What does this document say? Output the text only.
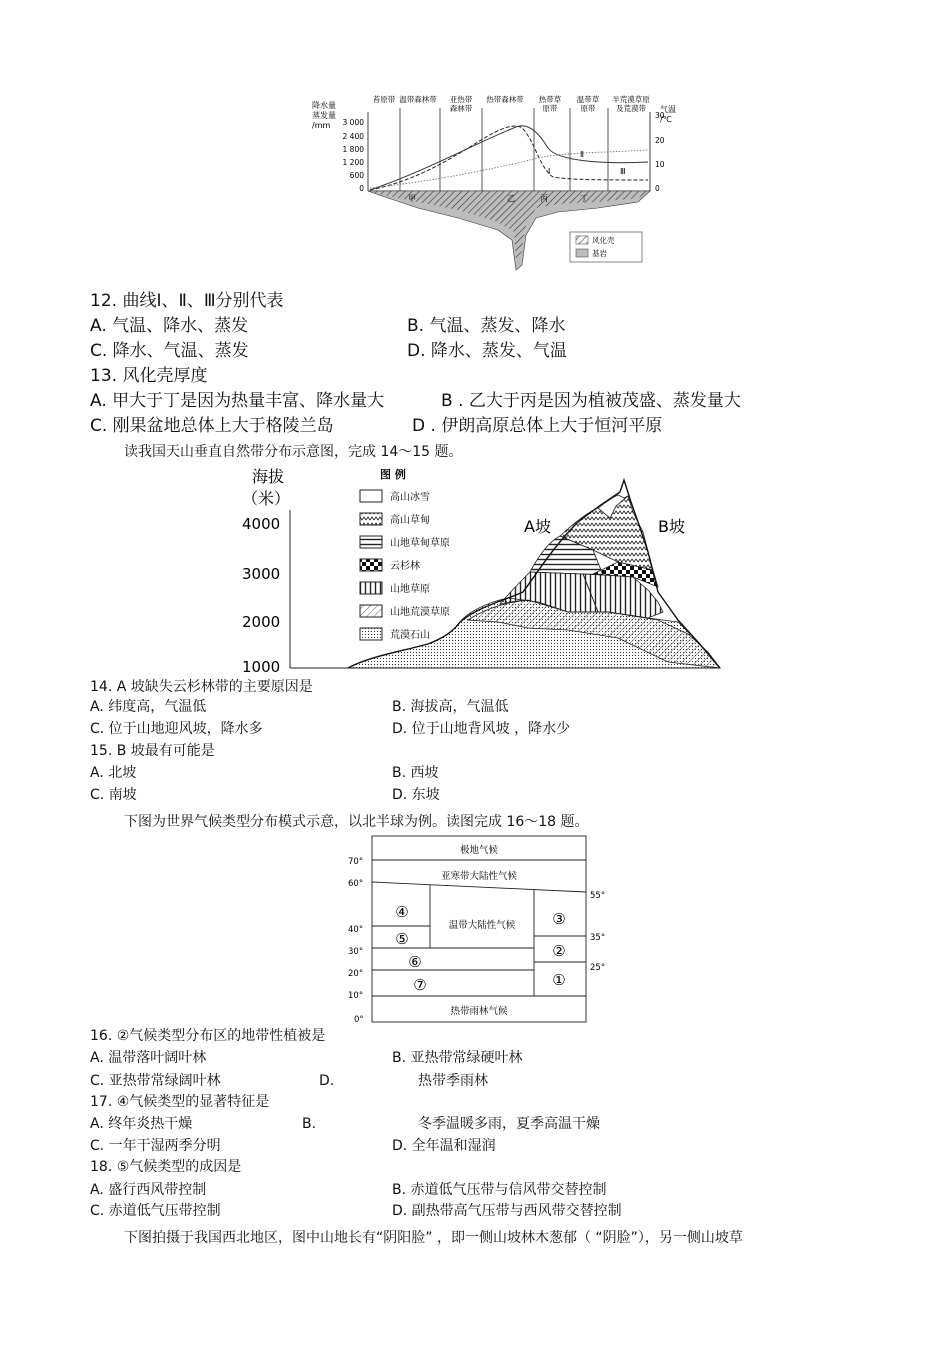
降水量
蒸发量
/mm
气温
/℃
3 000
2 400
1 800
1 200
600
0
30
20
10
0
苔原带 温带森林带 亚热带
森林带
热带森林带 热带草
原带
温带草
原带
半荒漠草原
及荒漠带
Ⅰ
Ⅱ
Ⅲ
甲	乙	丙	丁
风化壳
基岩
12. 曲线Ⅰ、Ⅱ、Ⅲ分别代表
A. 气温、降水、蒸发	B. 气温、蒸发、降水
C. 降水、气温、蒸发	D. 降水、蒸发、气温
13. 风化壳厚度
A. 甲大于丁是因为热量丰富、降水量大	B . 乙大于丙是因为植被茂盛、蒸发量大
C. 刚果盆地总体上大于格陵兰岛	D . 伊朗高原总体上大于恒河平原
读我国天山垂直自然带分布示意图，完成 14～15 题。
海拔
（米）
4000
3000
2000
1000
图 例
高山冰雪
高山草甸
山地草甸草原
云杉林
山地草原
山地荒漠草原
荒漠石山
A坡	B坡
14. A 坡缺失云杉林带的主要原因是
A. 纬度高，气温低	B. 海拔高，气温低
C. 位于山地迎风坡，降水多	D. 位于山地背风坡 ，降水少
15. B 坡最有可能是
A. 北坡	B. 西坡
C. 南坡	D. 东坡
下图为世界气候类型分布模式示意，以北半球为例。读图完成 16～18 题。
70°
60°
40°
30°
20°
10°
0°
55°
35°
25°
极地气候
亚寒带大陆性气候
温带大陆性气候
热带雨林气候
④
⑤
⑥
⑦
③
②
①
16. ②气候类型分布区的地带性植被是
A. 温带落叶阔叶林	B. 亚热带常绿硬叶林
C. 亚热带常绿阔叶林	D.	热带季雨林
17. ④气候类型的显著特征是
A. 终年炎热干燥	B.	冬季温暖多雨，夏季高温干燥
C. 一年干湿两季分明	D. 全年温和湿润
18. ⑤气候类型的成因是
A. 盛行西风带控制	B. 赤道低气压带与信风带交替控制
C. 赤道低气压带控制	D. 副热带高气压带与西风带交替控制
下图拍摄于我国西北地区，图中山地长有“阴阳脸” ，即一侧山坡林木葱郁（ “阴脸”），另一侧山坡草
